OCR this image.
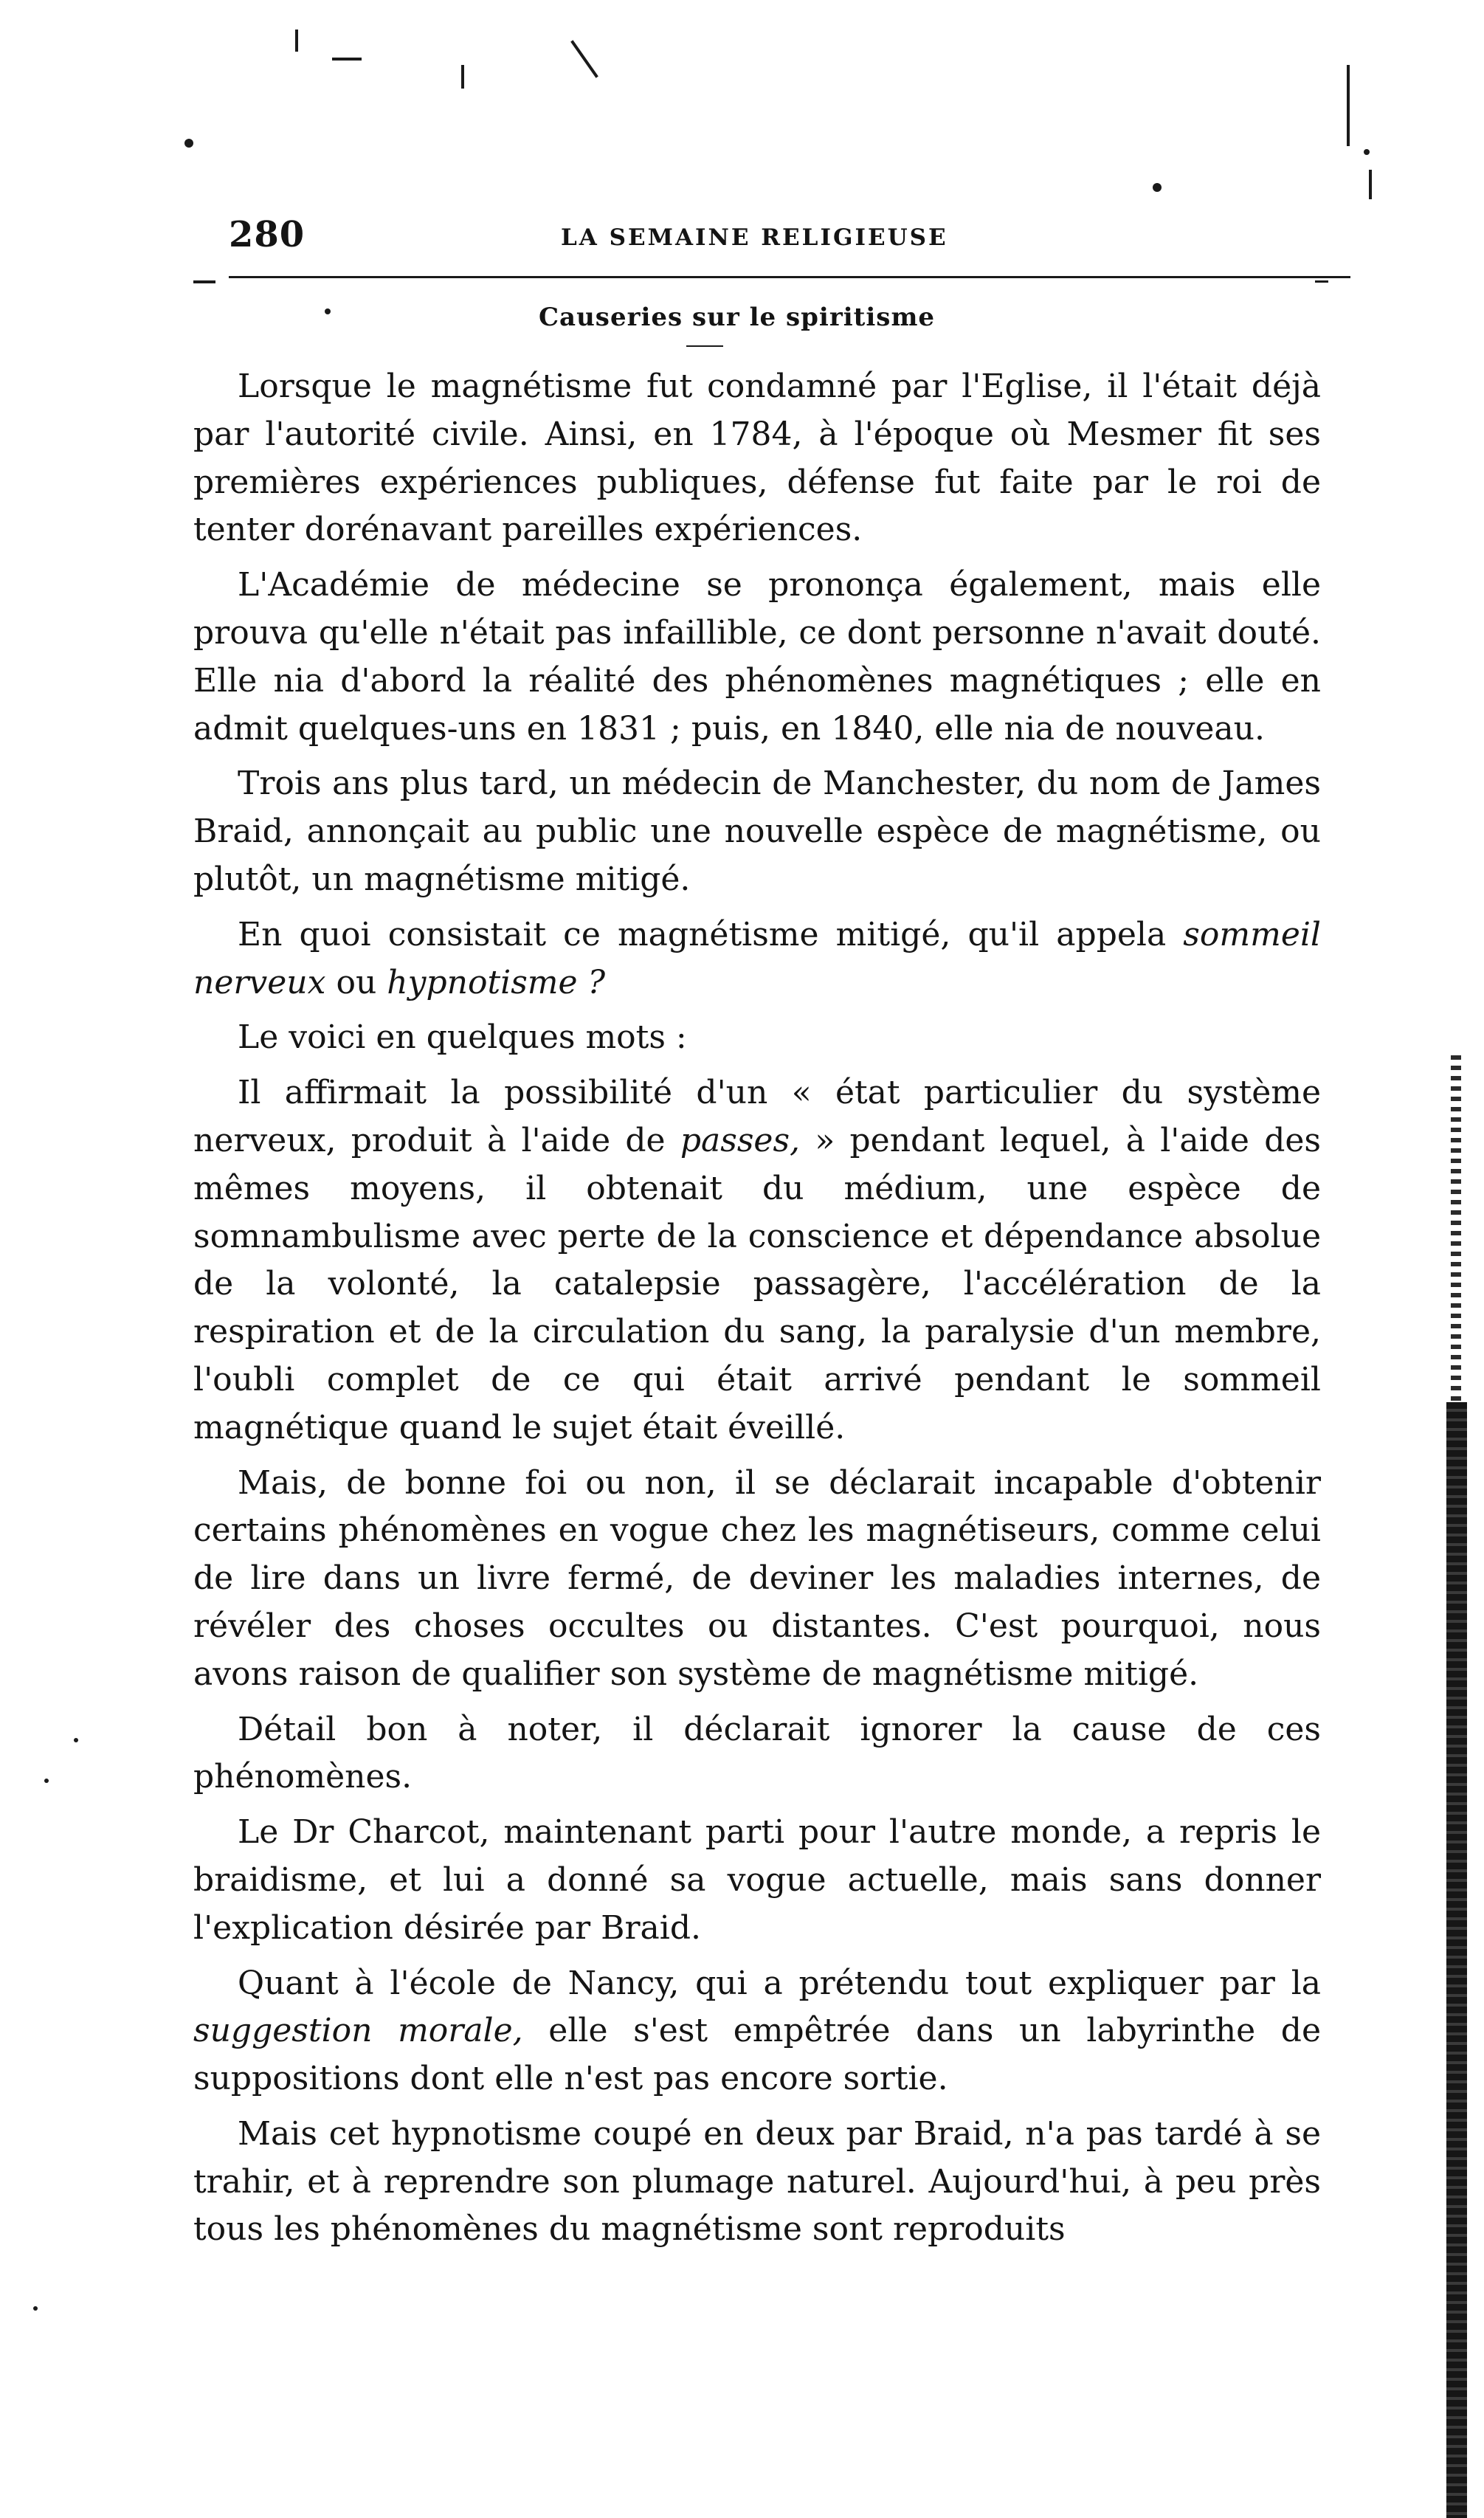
280	LA SEMAINE RELIGIEUSE
Causeries sur le spiritisme

Lorsque le magnétisme fut condamné par l'Eglise, il l'était déjà par l'autorité civile. Ainsi, en 1784, à l'époque où Mesmer fit ses premières expériences publiques, défense fut faite par le roi de tenter dorénavant pareilles expériences.

L'Académie de médecine se prononça également, mais elle prouva qu'elle n'était pas infaillible, ce dont personne n'avait douté. Elle nia d'abord la réalité des phénomènes magnétiques ; elle en admit quelques-uns en 1831 ; puis, en 1840, elle nia de nouveau.

Trois ans plus tard, un médecin de Manchester, du nom de James Braid, annonçait au public une nouvelle espèce de magnétisme, ou plutôt, un magnétisme mitigé.

En quoi consistait ce magnétisme mitigé, qu'il appela sommeil nerveux ou hypnotisme ?

Le voici en quelques mots :

Il affirmait la possibilité d'un « état particulier du système nerveux, produit à l'aide de passes, » pendant lequel, à l'aide des mêmes moyens, il obtenait du médium, une espèce de somnambulisme avec perte de la conscience et dépendance absolue de la volonté, la catalepsie passagère, l'accélération de la respiration et de la circulation du sang, la paralysie d'un membre, l'oubli complet de ce qui était arrivé pendant le sommeil magnétique quand le sujet était éveillé.

Mais, de bonne foi ou non, il se déclarait incapable d'obtenir certains phénomènes en vogue chez les magnétiseurs, comme celui de lire dans un livre fermé, de deviner les maladies internes, de révéler des choses occultes ou distantes. C'est pourquoi, nous avons raison de qualifier son système de magnétisme mitigé.

Détail bon à noter, il déclarait ignorer la cause de ces phénomènes.

Le Dr Charcot, maintenant parti pour l'autre monde, a repris le braidisme, et lui a donné sa vogue actuelle, mais sans donner l'explication désirée par Braid.

Quant à l'école de Nancy, qui a prétendu tout expliquer par la suggestion morale, elle s'est empêtrée dans un labyrinthe de suppositions dont elle n'est pas encore sortie.

Mais cet hypnotisme coupé en deux par Braid, n'a pas tardé à se trahir, et à reprendre son plumage naturel. Aujourd'hui, à peu près tous les phénomènes du magnétisme sont reproduits
